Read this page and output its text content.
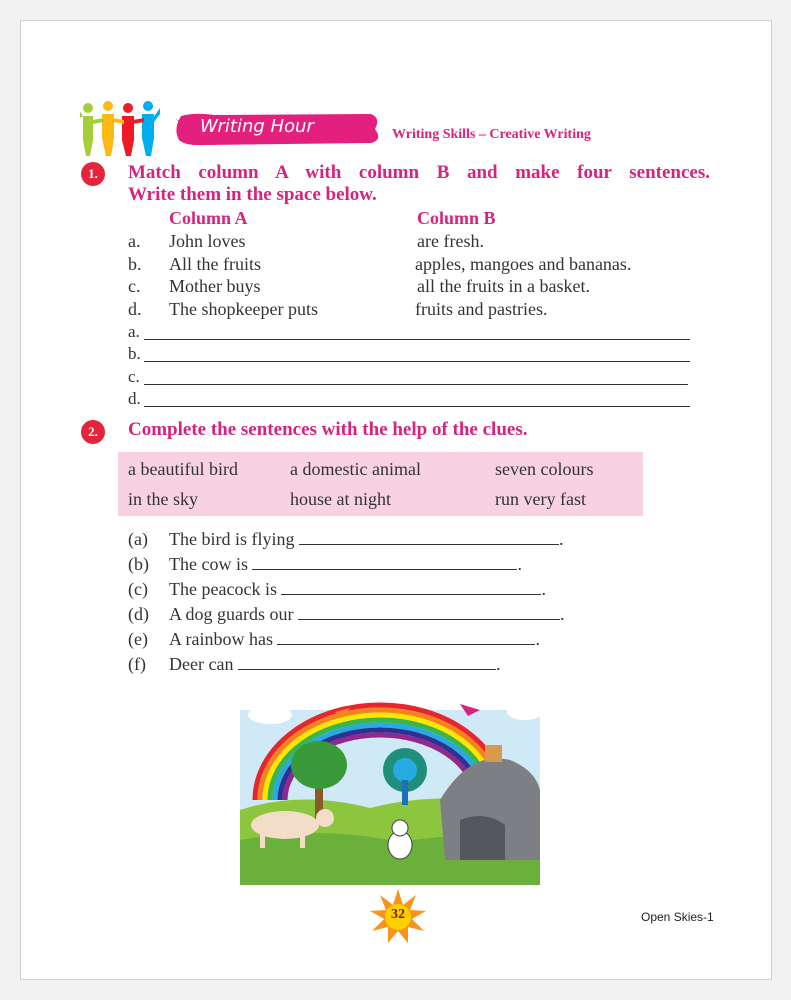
Writing Hour	Writing Skills – Creative Writing
1.	Match column A with column B and make four sentences.
Write them in the space below.
Column A	Column B
a. John loves	are fresh.
b. All the fruits	apples, mangoes and bananas.
c. Mother buys	all the fruits in a basket.
d. The shopkeeper puts	fruits and pastries.
a.
b.
c.
d.
2.	Complete the sentences with the help of the clues.
a beautiful bird	a domestic animal	seven colours
in the sky	house at night	run very fast
(a) The bird is flying	.
(b) The cow is	.
(c) The peacock is	.
(d) A dog guards our	.
(e) A rainbow has	.
(f) Deer can	.
32	Open Skies-1
